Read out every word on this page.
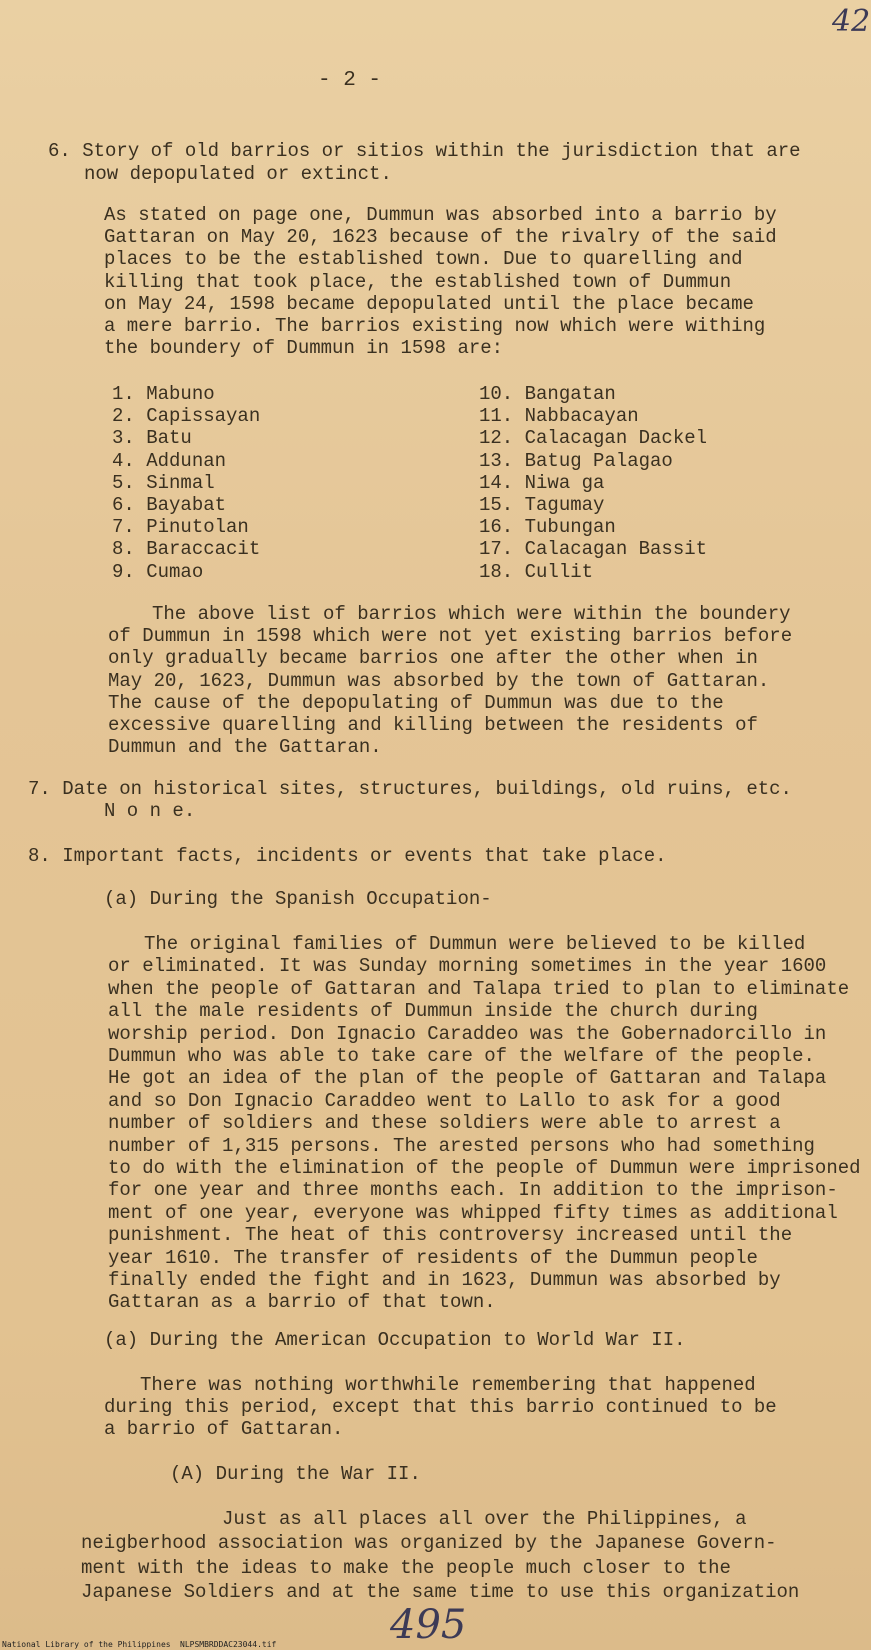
42
- 2 -
6. Story of old barrios or sitios within the jurisdiction that are
now depopulated or extinct.
As stated on page one, Dummun was absorbed into a barrio by
Gattaran on May 20, 1623 because of the rivalry of the said
places to be the established town. Due to quarelling and
killing that took place, the established town of Dummun
on May 24, 1598 became depopulated until the place became
a mere barrio. The barrios existing now which were withing
the boundery of Dummun in 1598 are:
1. Mabuno
2. Capissayan
3. Batu
4. Addunan
5. Sinmal
6. Bayabat
7. Pinutolan
8. Baraccacit
9. Cumao
10. Bangatan
11. Nabbacayan
12. Calacagan Dackel
13. Batug Palagao
14. Niwa ga
15. Tagumay
16. Tubungan
17. Calacagan Bassit
18. Cullit
The above list of barrios which were within the boundery
of Dummun in 1598 which were not yet existing barrios before
only gradually became barrios one after the other when in
May 20, 1623, Dummun was absorbed by the town of Gattaran.
The cause of the depopulating of Dummun was due to the
excessive quarelling and killing between the residents of
Dummun and the Gattaran.
7. Date on historical sites, structures, buildings, old ruins, etc.
N o n e.
8. Important facts, incidents or events that take place.
(a) During the Spanish Occupation-
The original families of Dummun were believed to be killed
or eliminated. It was Sunday morning sometimes in the year 1600
when the people of Gattaran and Talapa tried to plan to eliminate
all the male residents of Dummun inside the church during
worship period. Don Ignacio Caraddeo was the Gobernadorcillo in
Dummun who was able to take care of the welfare of the people.
He got an idea of the plan of the people of Gattaran and Talapa
and so Don Ignacio Caraddeo went to Lallo to ask for a good
number of soldiers and these soldiers were able to arrest a
number of 1,315 persons. The arested persons who had something
to do with the elimination of the people of Dummun were imprisoned
for one year and three months each. In addition to the imprison-
ment of one year, everyone was whipped fifty times as additional
punishment. The heat of this controversy increased until the
year 1610. The transfer of residents of the Dummun people
finally ended the fight and in 1623, Dummun was absorbed by
Gattaran as a barrio of that town.
(a) During the American Occupation to World War II.
There was nothing worthwhile remembering that happened
during this period, except that this barrio continued to be
a barrio of Gattaran.
(A) During the War II.
Just as all places all over the Philippines, a
neigberhood association was organized by the Japanese Govern-
ment with the ideas to make the people much closer to the
Japanese Soldiers and at the same time to use this organization
495
National Library of the Philippines NLPSMBRDDAC23044.tif
